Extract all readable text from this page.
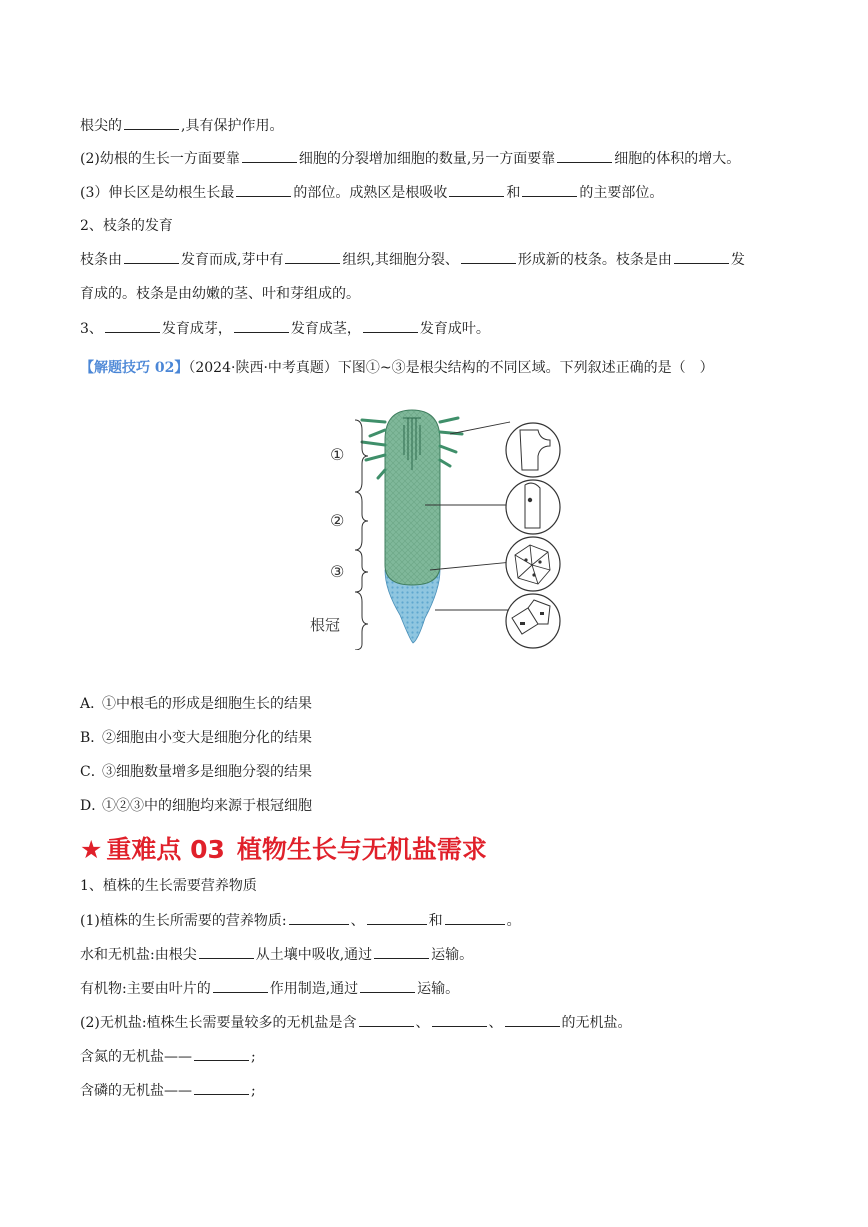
根尖的	,具有保护作用。
(2)幼根的生长一方面要靠	细胞的分裂增加细胞的数量,另一方面要靠	细胞的体积的增大。
(3）伸长区是幼根生长最	的部位。成熟区是根吸收	和	的主要部位。
2、枝条的发育
枝条由	发育而成,芽中有	组织,其细胞分裂、	形成新的枝条。枝条是由	发
育成的。枝条是由幼嫩的茎、叶和芽组成的。
3、	发育成芽，	发育成茎，	发育成叶。
【解题技巧 02】（2024·陕西·中考真题）下图①~③是根尖结构的不同区域。下列叙述正确的是（　）
①
②
③
根冠
A．①中根毛的形成是细胞生长的结果
B．②细胞由小变大是细胞分化的结果
C．③细胞数量增多是细胞分裂的结果
D．①②③中的细胞均来源于根冠细胞
★ 重难点 03 植物生长与无机盐需求
1、植株的生长需要营养物质
(1)植株的生长所需要的营养物质:	、	和	。
水和无机盐:由根尖	从土壤中吸收,通过	运输。
有机物:主要由叶片的	作用制造,通过	运输。
(2)无机盐:植株生长需要量较多的无机盐是含	、	、	的无机盐。
含氮的无机盐——	;
含磷的无机盐——	;
